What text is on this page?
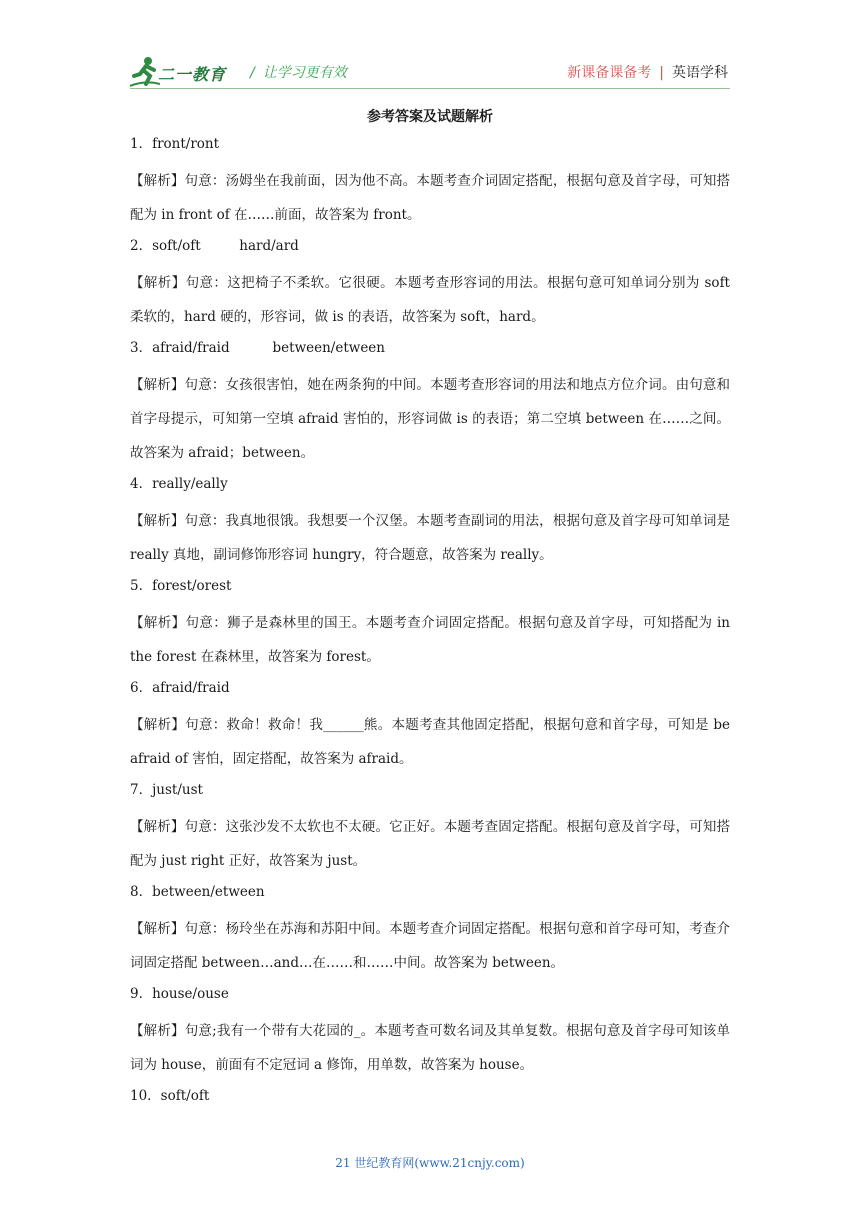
二一教育 / 让学习更有效	新课备课备考 | 英语学科
参考答案及试题解析
1．front/ront
【解析】句意：汤姆坐在我前面，因为他不高。本题考查介词固定搭配，根据句意及首字母，可知搭配为 in front of 在……前面，故答案为 front。
2．soft/oft         hard/ard
【解析】句意：这把椅子不柔软。它很硬。本题考查形容词的用法。根据句意可知单词分别为 soft 柔软的，hard 硬的，形容词，做 is 的表语，故答案为 soft，hard。
3．afraid/fraid          between/etween
【解析】句意：女孩很害怕，她在两条狗的中间。本题考查形容词的用法和地点方位介词。由句意和首字母提示，可知第一空填 afraid 害怕的，形容词做 is 的表语；第二空填 between 在……之间。故答案为 afraid；between。
4．really/eally
【解析】句意：我真地很饿。我想要一个汉堡。本题考查副词的用法，根据句意及首字母可知单词是 really 真地，副词修饰形容词 hungry，符合题意，故答案为 really。
5．forest/orest
【解析】句意：狮子是森林里的国王。本题考查介词固定搭配。根据句意及首字母，可知搭配为 in the forest 在森林里，故答案为 forest。
6．afraid/fraid
【解析】句意：救命！救命！我______熊。本题考查其他固定搭配，根据句意和首字母，可知是 be afraid of 害怕，固定搭配，故答案为 afraid。
7．just/ust
【解析】句意：这张沙发不太软也不太硬。它正好。本题考查固定搭配。根据句意及首字母，可知搭配为 just right 正好，故答案为 just。
8．between/etween
【解析】句意：杨玲坐在苏海和苏阳中间。本题考查介词固定搭配。根据句意和首字母可知，考查介词固定搭配 between…and…在……和……中间。故答案为 between。
9．house/ouse
【解析】句意;我有一个带有大花园的_。本题考查可数名词及其单复数。根据句意及首字母可知该单词为 house，前面有不定冠词 a 修饰，用单数，故答案为 house。
10．soft/oft
21 世纪教育网(www.21cnjy.com)
